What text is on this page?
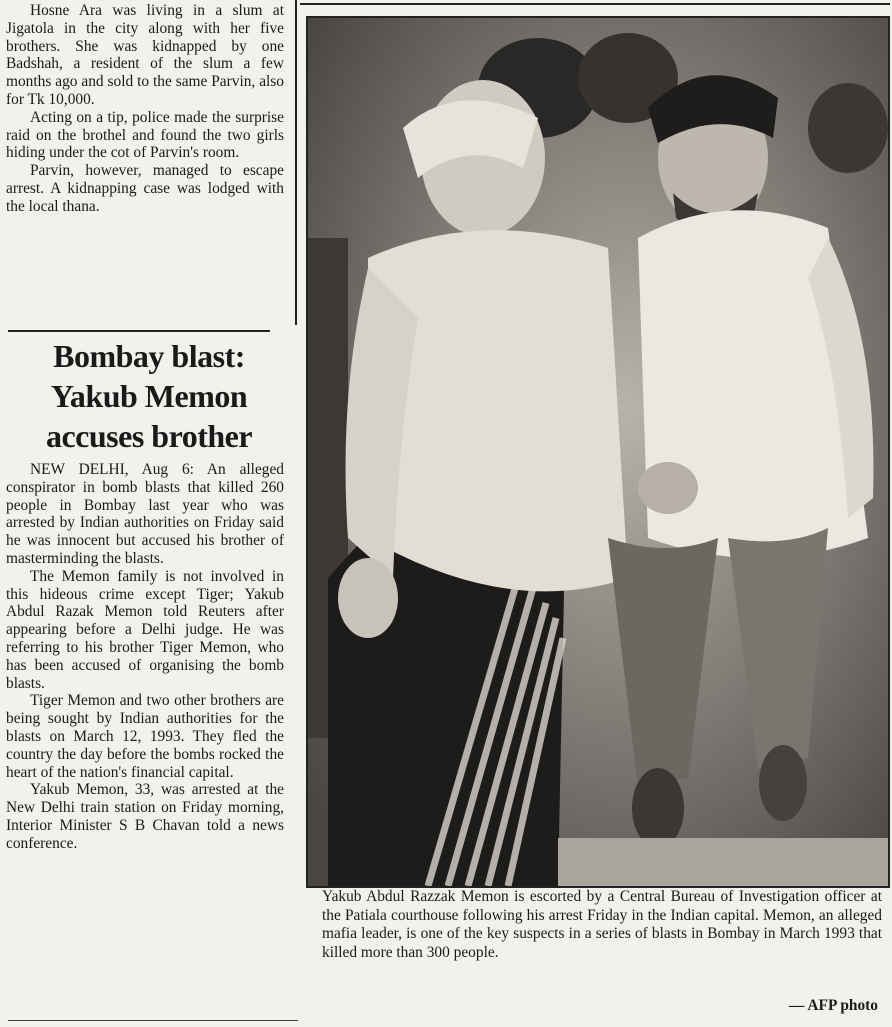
Hosne Ara was living in a slum at Jigatola in the city along with her five brothers. She was kidnapped by one Badshah, a resident of the slum a few months ago and sold to the same Parvin, also for Tk 10,000.

Acting on a tip, police made the surprise raid on the brothel and found the two girls hiding under the cot of Parvin's room.

Parvin, however, managed to escape arrest. A kidnapping case was lodged with the local thana.

Bombay blast:
Yakub Memon
accuses brother

NEW DELHI, Aug 6: An alleged conspirator in bomb blasts that killed 260 people in Bombay last year who was arrested by Indian authorities on Friday said he was innocent but accused his brother of masterminding the blasts.

The Memon family is not involved in this hideous crime except Tiger; Yakub Abdul Razak Memon told Reuters after appearing before a Delhi judge. He was referring to his brother Tiger Memon, who has been accused of organising the bomb blasts.

Tiger Memon and two other brothers are being sought by Indian authorities for the blasts on March 12, 1993. They fled the country the day before the bombs rocked the heart of the nation's financial capital.

Yakub Memon, 33, was arrested at the New Delhi train station on Friday morning, Interior Minister S B Chavan told a news conference.

Yakub Abdul Razzak Memon is escorted by a Central Bureau of Investigation officer at the Patiala courthouse following his arrest Friday in the Indian capital. Memon, an alleged mafia leader, is one of the key suspects in a series of blasts in Bombay in March 1993 that killed more than 300 people.

— AFP photo
